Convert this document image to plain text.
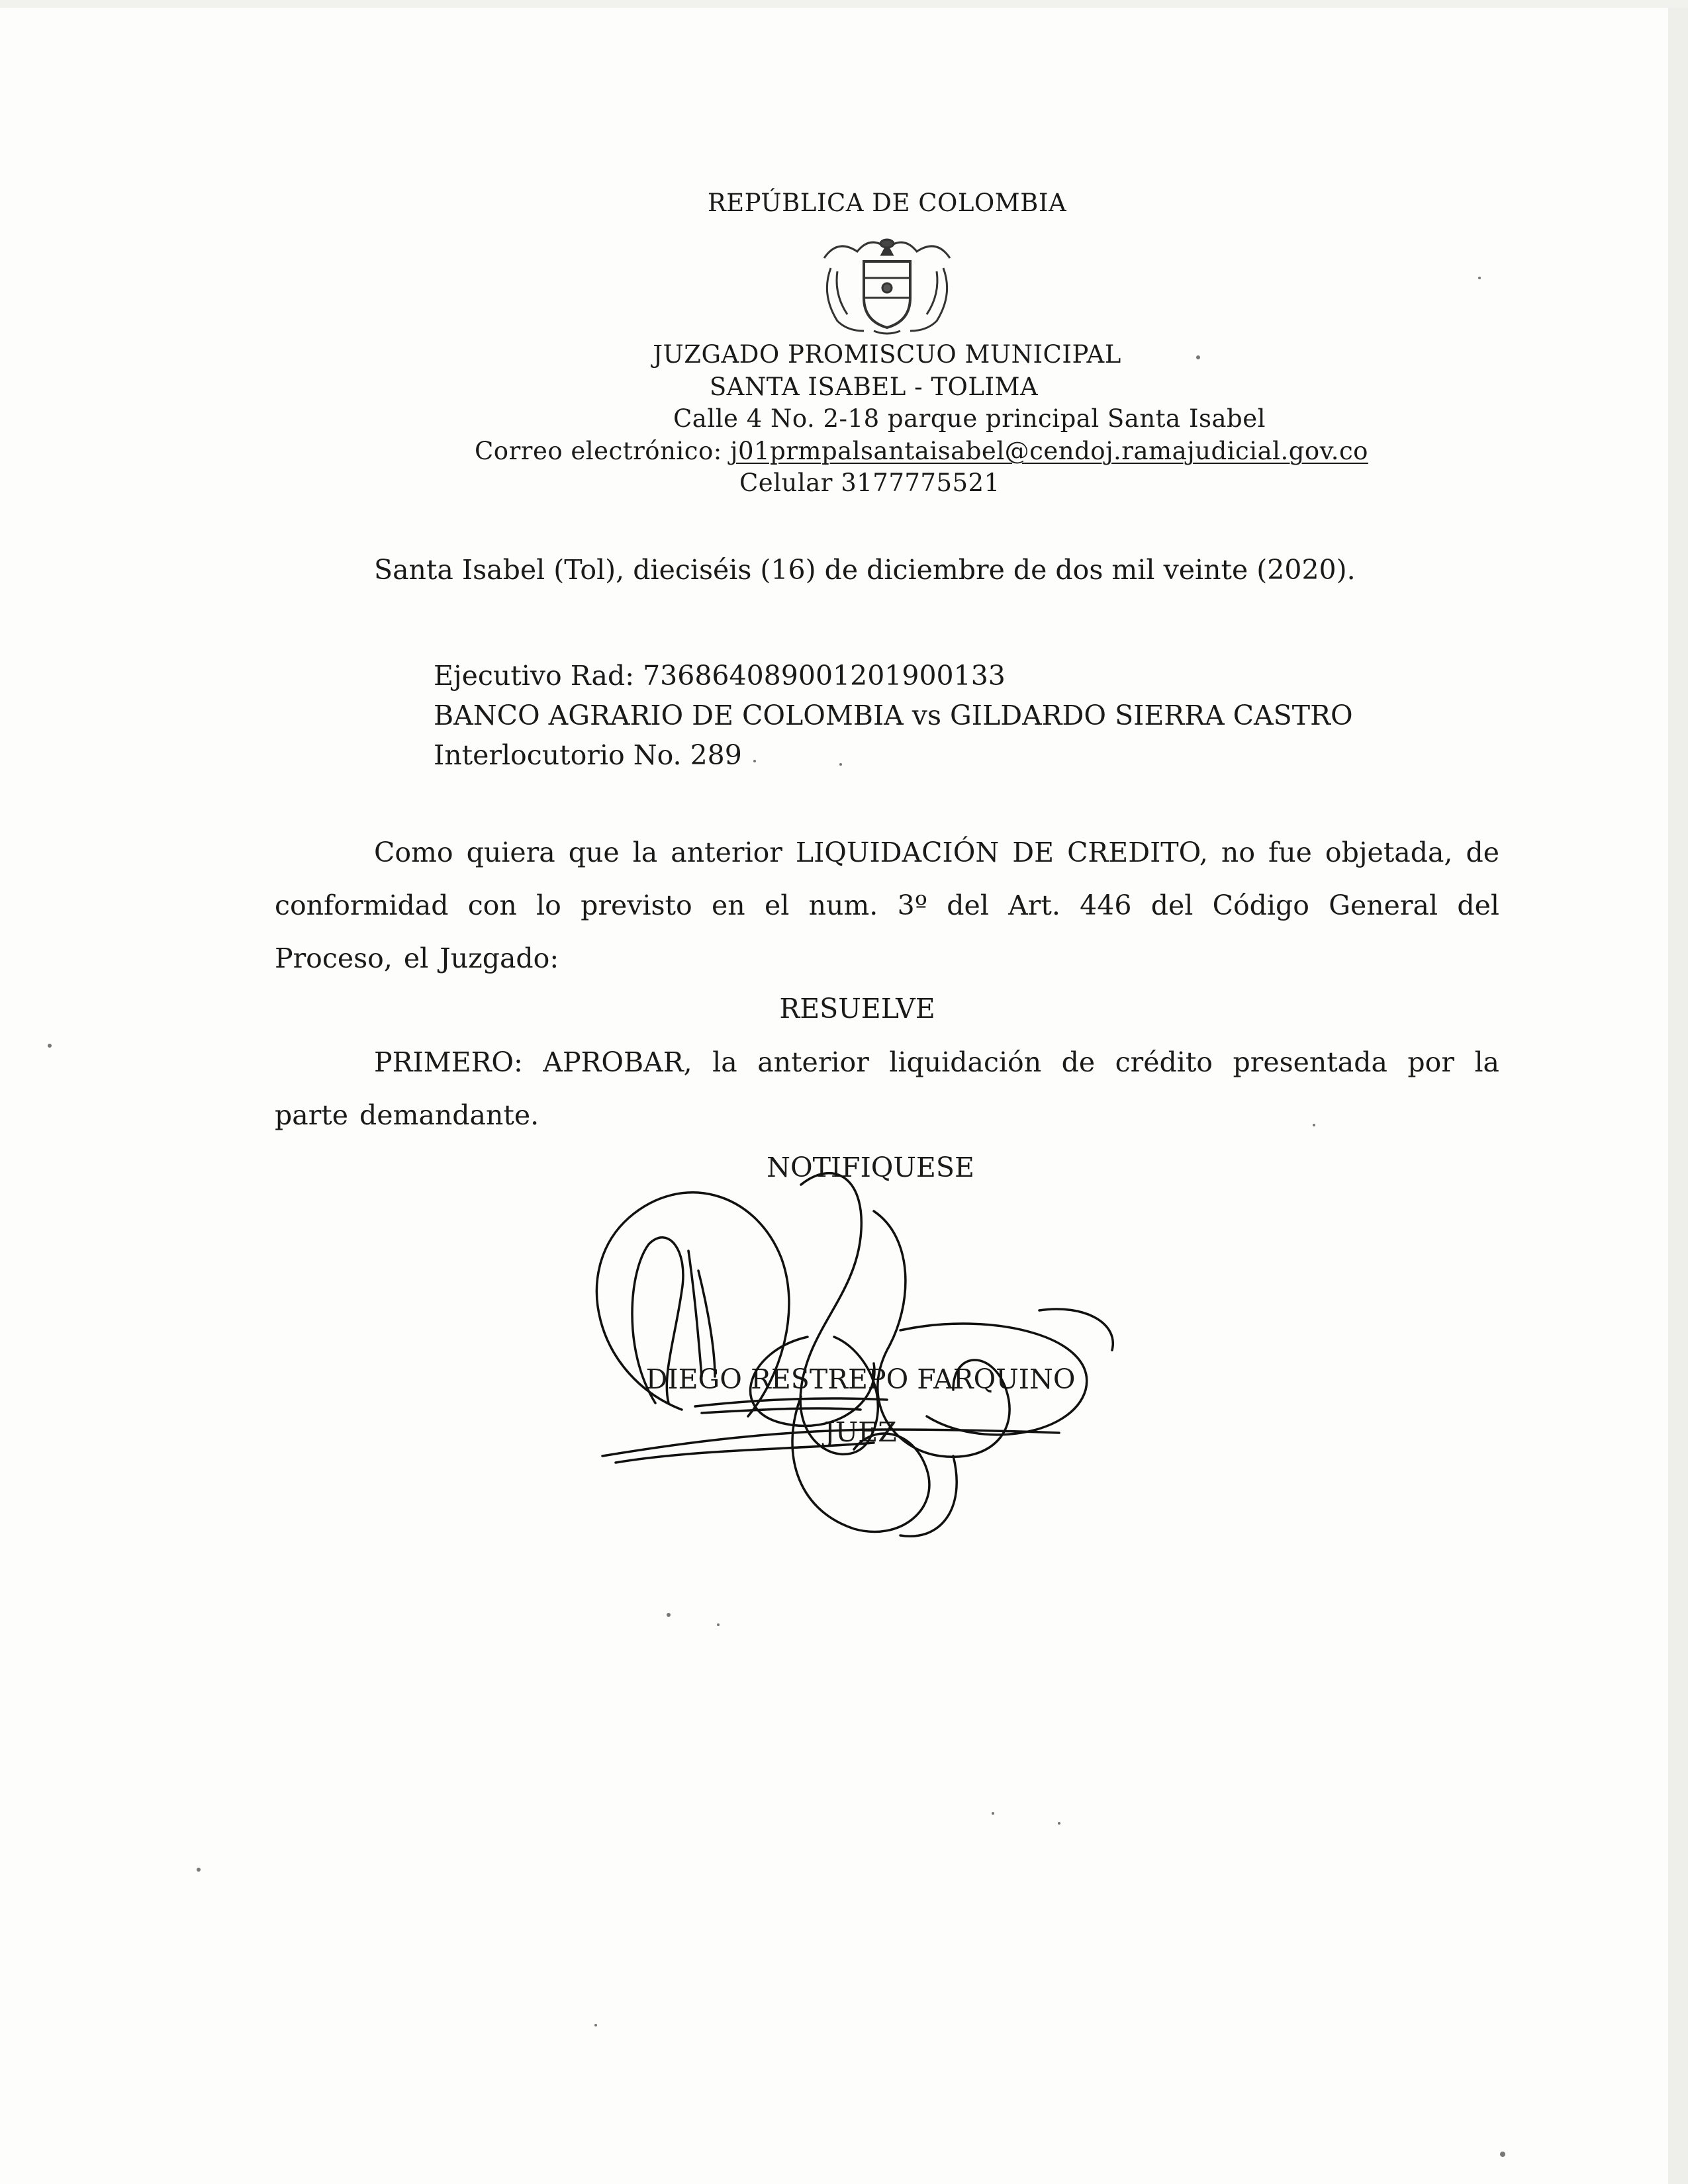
REPÚBLICA DE COLOMBIA
JUZGADO PROMISCUO MUNICIPAL
SANTA ISABEL - TOLIMA
Calle 4 No. 2-18 parque principal Santa Isabel
Correo electrónico: j01prmpalsantaisabel@cendoj.ramajudicial.gov.co
Celular 3177775521
Santa Isabel (Tol), dieciséis (16) de diciembre de dos mil veinte (2020).
Ejecutivo Rad: 73686408900120190013​3
BANCO AGRARIO DE COLOMBIA vs GILDARDO SIERRA CASTRO
Interlocutorio No. 289
Como quiera que la anterior LIQUIDACIÓN DE CREDITO, no fue objetada, de conformidad con lo previsto en el num. 3º del Art. 446 del Código General del Proceso, el Juzgado:
RESUELVE
PRIMERO: APROBAR, la anterior liquidación de crédito presentada por la parte demandante.
NOTIFIQUESE
DIEGO RESTREPO FARQUINO
JUEZ
